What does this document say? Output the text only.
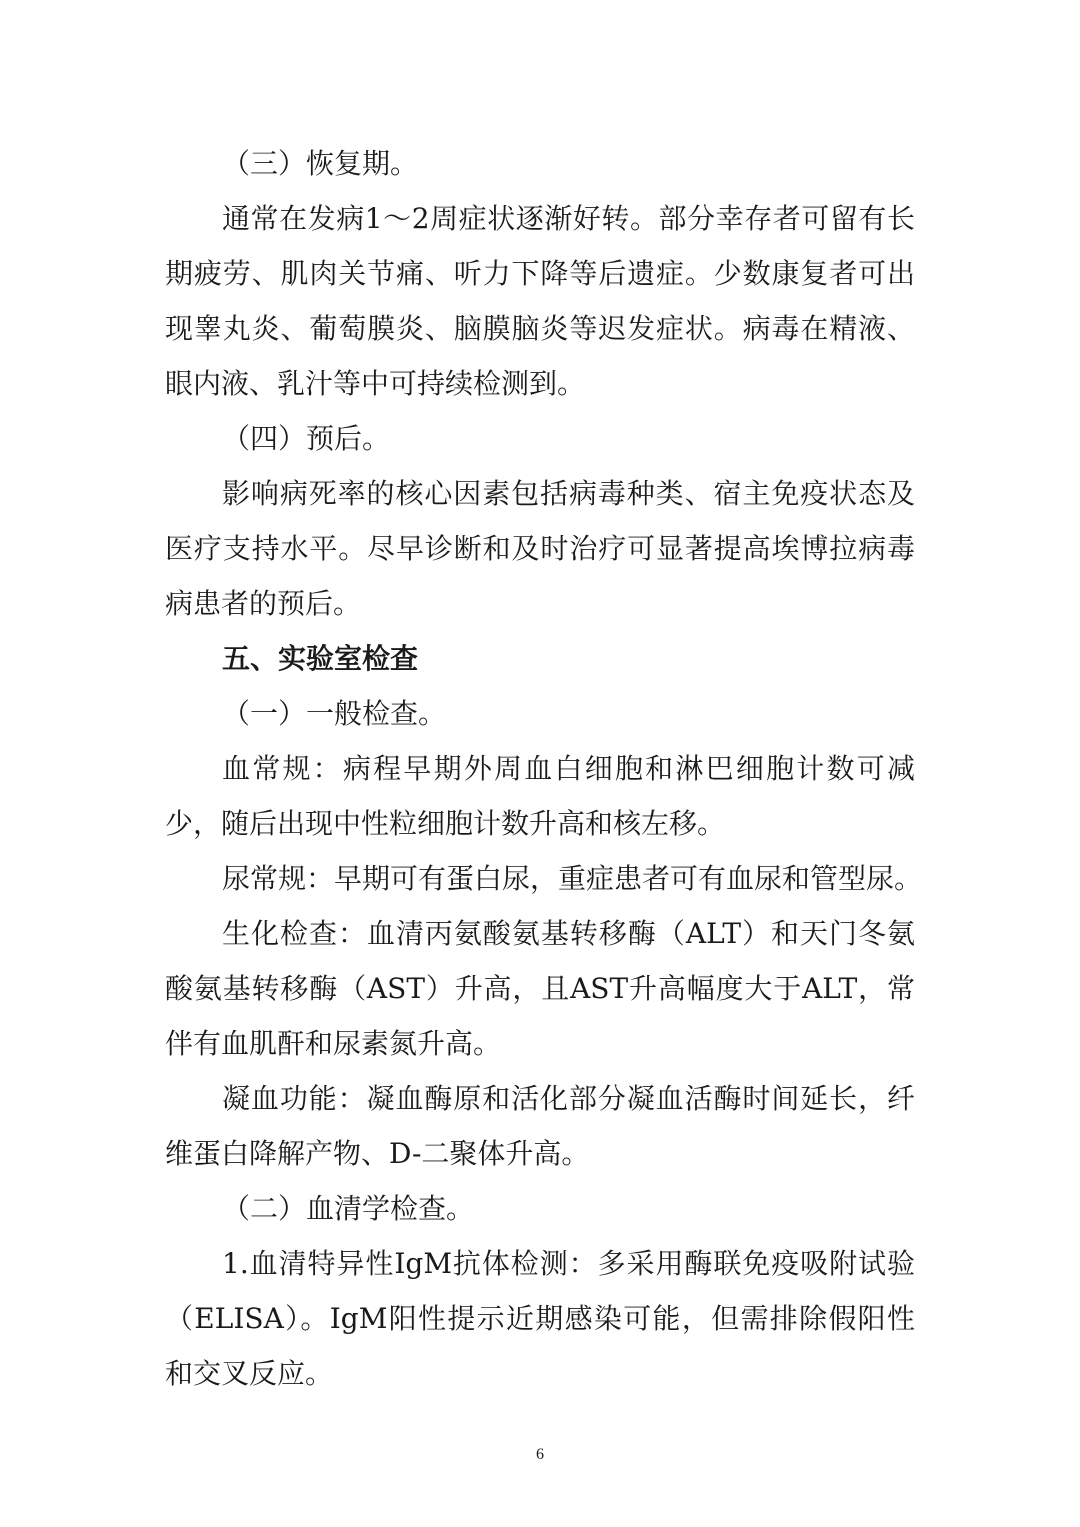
（三）恢复期。
通常在发病1～2周症状逐渐好转。部分幸存者可留有长
期疲劳、肌肉关节痛、听力下降等后遗症。少数康复者可出
现睾丸炎、葡萄膜炎、脑膜脑炎等迟发症状。病毒在精液、
眼内液、乳汁等中可持续检测到。
（四）预后。
影响病死率的核心因素包括病毒种类、宿主免疫状态及
医疗支持水平。尽早诊断和及时治疗可显著提高埃博拉病毒
病患者的预后。
五、实验室检查
（一）一般检查。
血常规：病程早期外周血白细胞和淋巴细胞计数可减
少，随后出现中性粒细胞计数升高和核左移。
尿常规：早期可有蛋白尿，重症患者可有血尿和管型尿。
生化检查：血清丙氨酸氨基转移酶（ALT）和天门冬氨
酸氨基转移酶（AST）升高，且AST升高幅度大于ALT，常
伴有血肌酐和尿素氮升高。
凝血功能：凝血酶原和活化部分凝血活酶时间延长，纤
维蛋白降解产物、D-二聚体升高。
（二）血清学检查。
1.血清特异性IgM抗体检测：多采用酶联免疫吸附试验
（ELISA）。IgM阳性提示近期感染可能，但需排除假阳性
和交叉反应。
6
